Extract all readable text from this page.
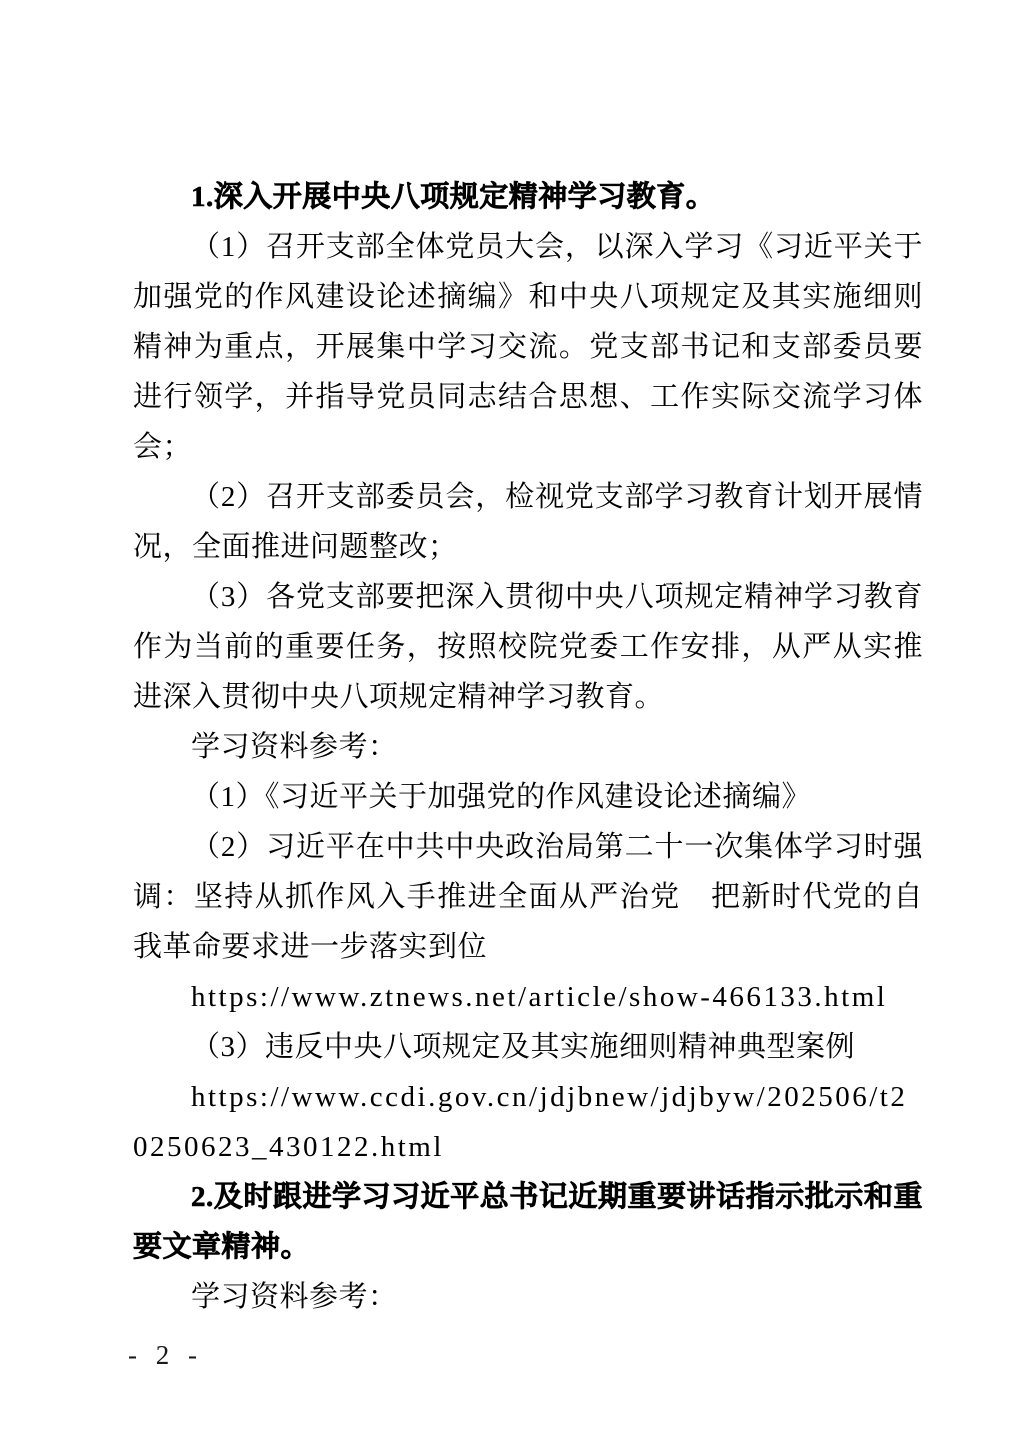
1.深入开展中央八项规定精神学习教育。

（1）召开支部全体党员大会，以深入学习《习近平关于加强党的作风建设论述摘编》和中央八项规定及其实施细则精神为重点，开展集中学习交流。党支部书记和支部委员要进行领学，并指导党员同志结合思想、工作实际交流学习体会；

（2）召开支部委员会，检视党支部学习教育计划开展情况，全面推进问题整改；

（3）各党支部要把深入贯彻中央八项规定精神学习教育作为当前的重要任务，按照校院党委工作安排，从严从实推进深入贯彻中央八项规定精神学习教育。

学习资料参考：

（1）《习近平关于加强党的作风建设论述摘编》

（2）习近平在中共中央政治局第二十一次集体学习时强调：坚持从抓作风入手推进全面从严治党　把新时代党的自我革命要求进一步落实到位

https://www.ztnews.net/article/show-466133.html

（3）违反中央八项规定及其实施细则精神典型案例

https://www.ccdi.gov.cn/jdjbnew/jdjbyw/202506/t20250623_430122.html

2.及时跟进学习习近平总书记近期重要讲话指示批示和重要文章精神。

学习资料参考：

- 2 -
